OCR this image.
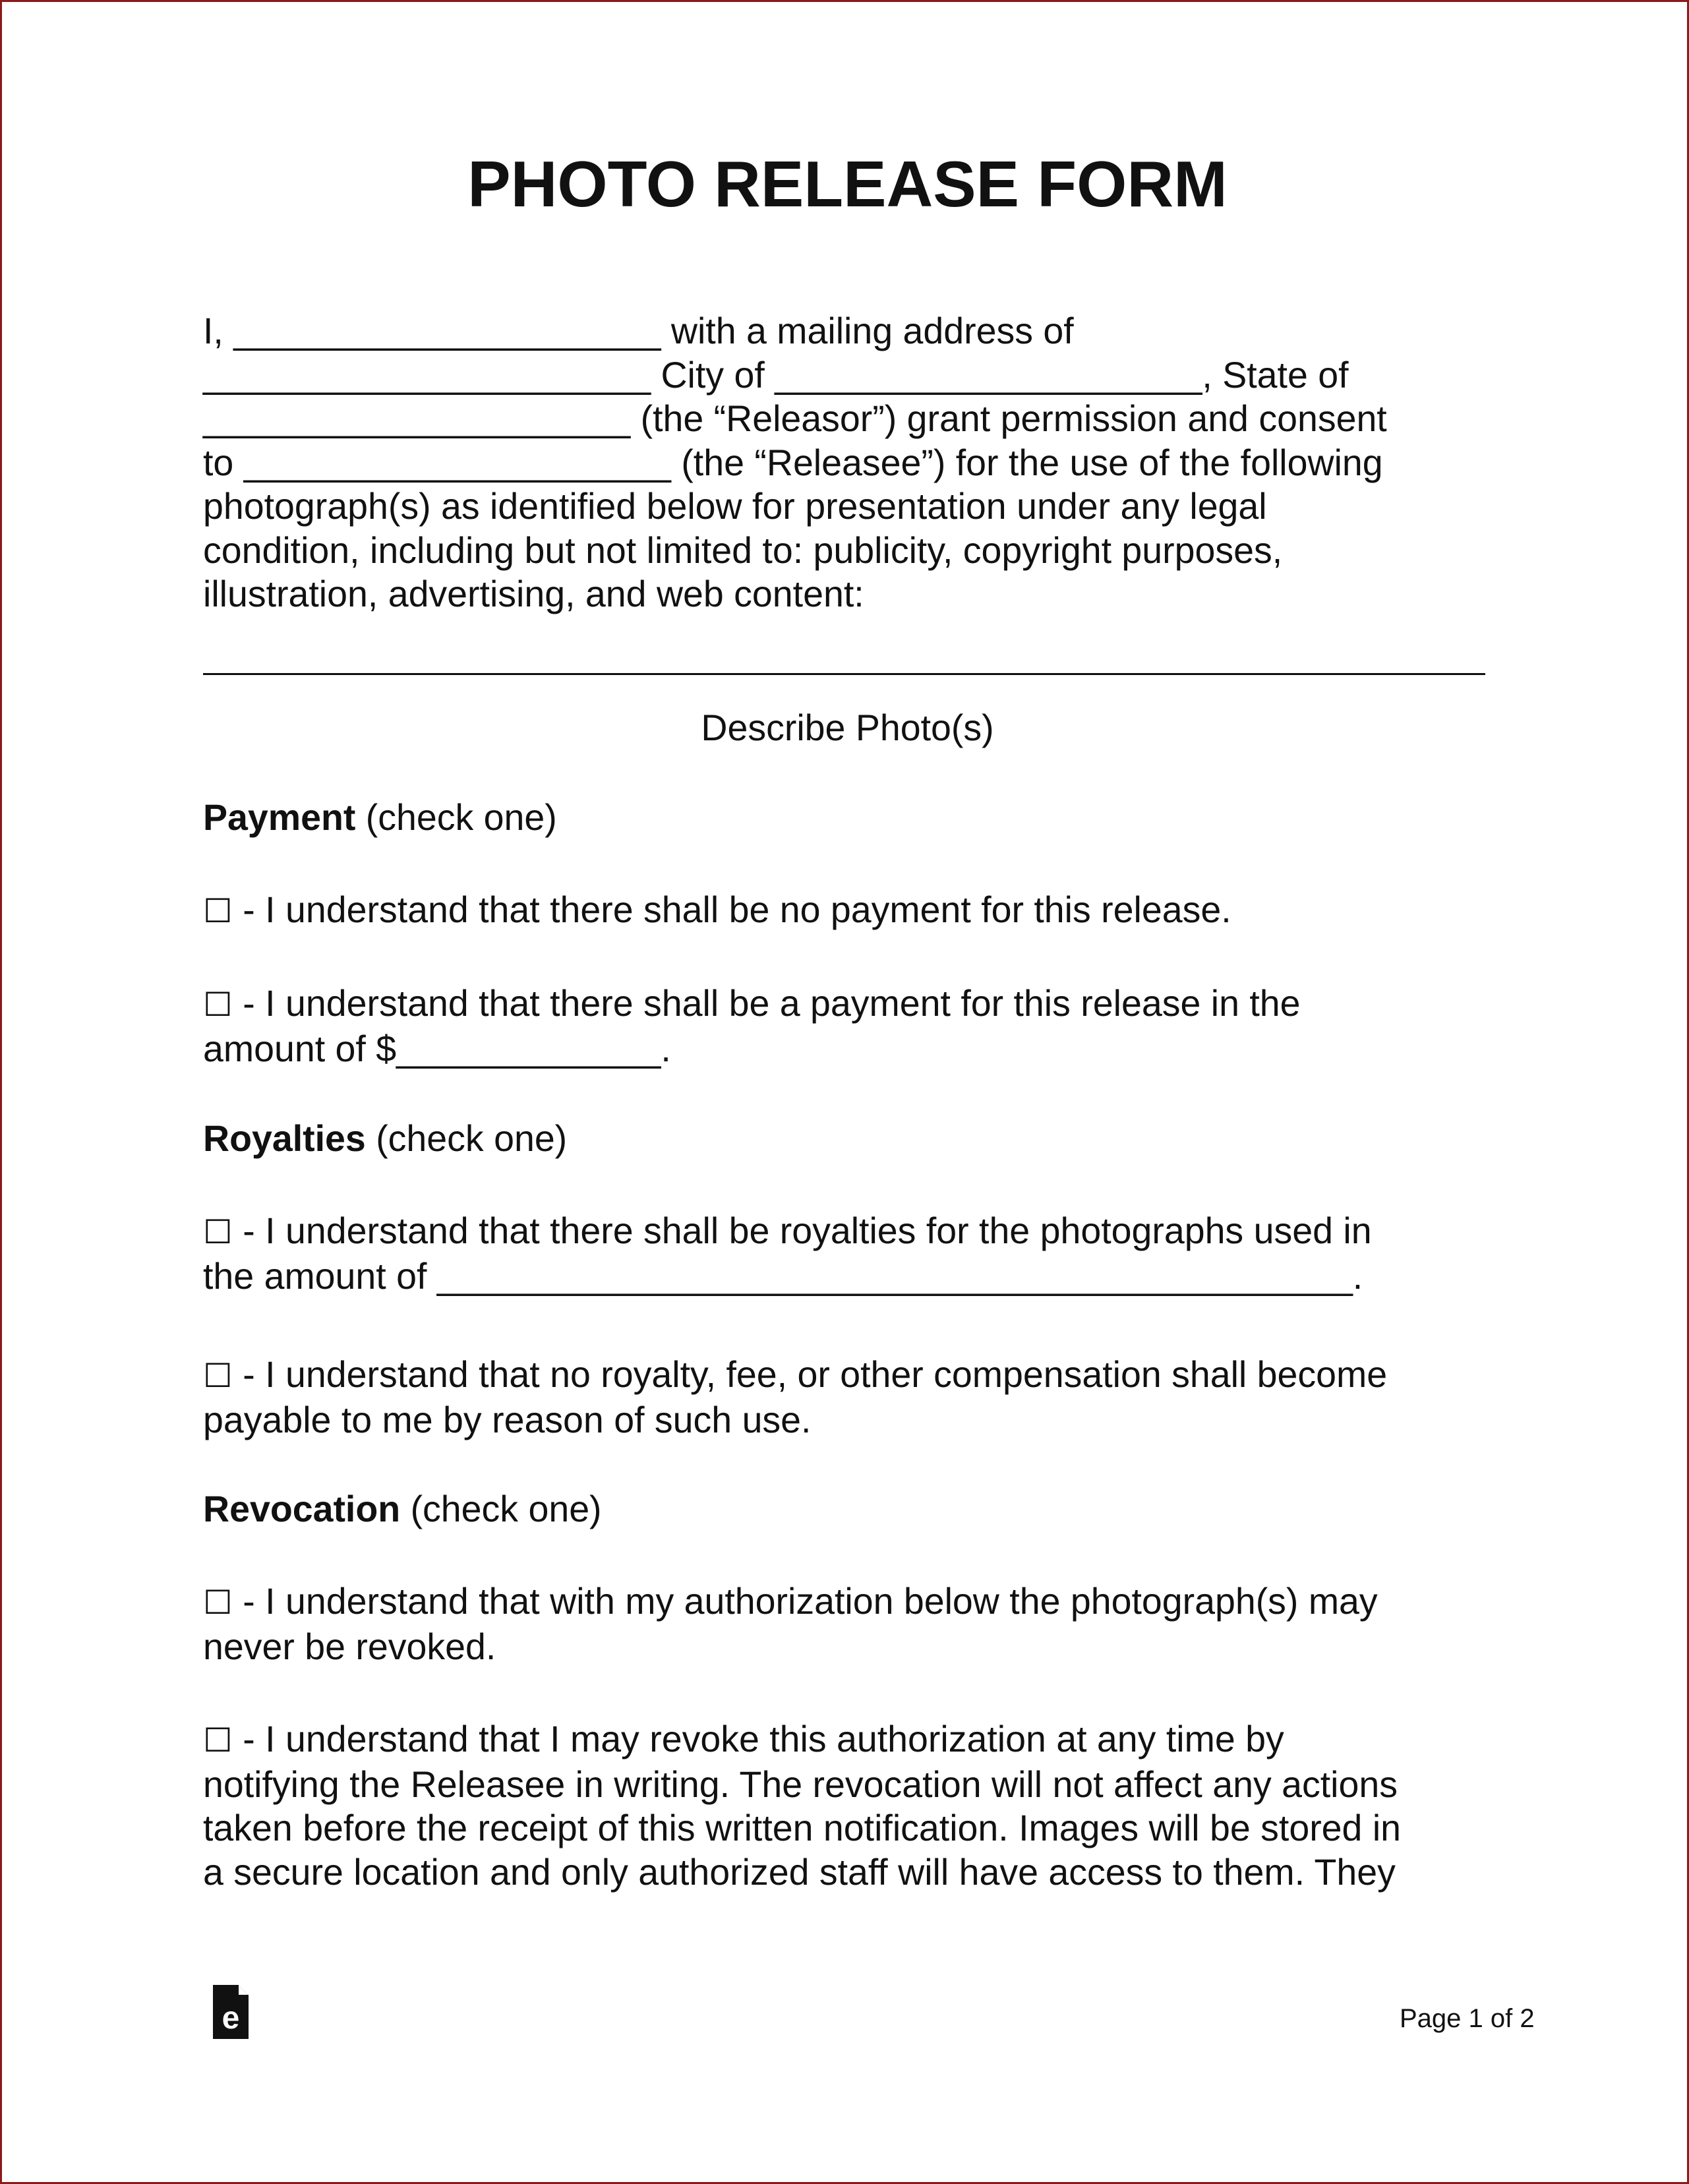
PHOTO RELEASE FORM
I, _____________________ with a mailing address of
______________________ City of _____________________, State of
_____________________ (the “Releasor”) grant permission and consent
to _____________________ (the “Releasee”) for the use of the following
photograph(s) as identified below for presentation under any legal
condition, including but not limited to: publicity, copyright purposes,
illustration, advertising, and web content:
Describe Photo(s)
Payment (check one)
☐ - I understand that there shall be no payment for this release.
☐ - I understand that there shall be a payment for this release in the
amount of $_____________.
Royalties (check one)
☐ - I understand that there shall be royalties for the photographs used in
the amount of _____________________________________________.
☐ - I understand that no royalty, fee, or other compensation shall become
payable to me by reason of such use.
Revocation (check one)
☐ - I understand that with my authorization below the photograph(s) may
never be revoked.
☐ - I understand that I may revoke this authorization at any time by
notifying the Releasee in writing. The revocation will not affect any actions
taken before the receipt of this written notification. Images will be stored in
a secure location and only authorized staff will have access to them. They
e	Page 1 of 2
